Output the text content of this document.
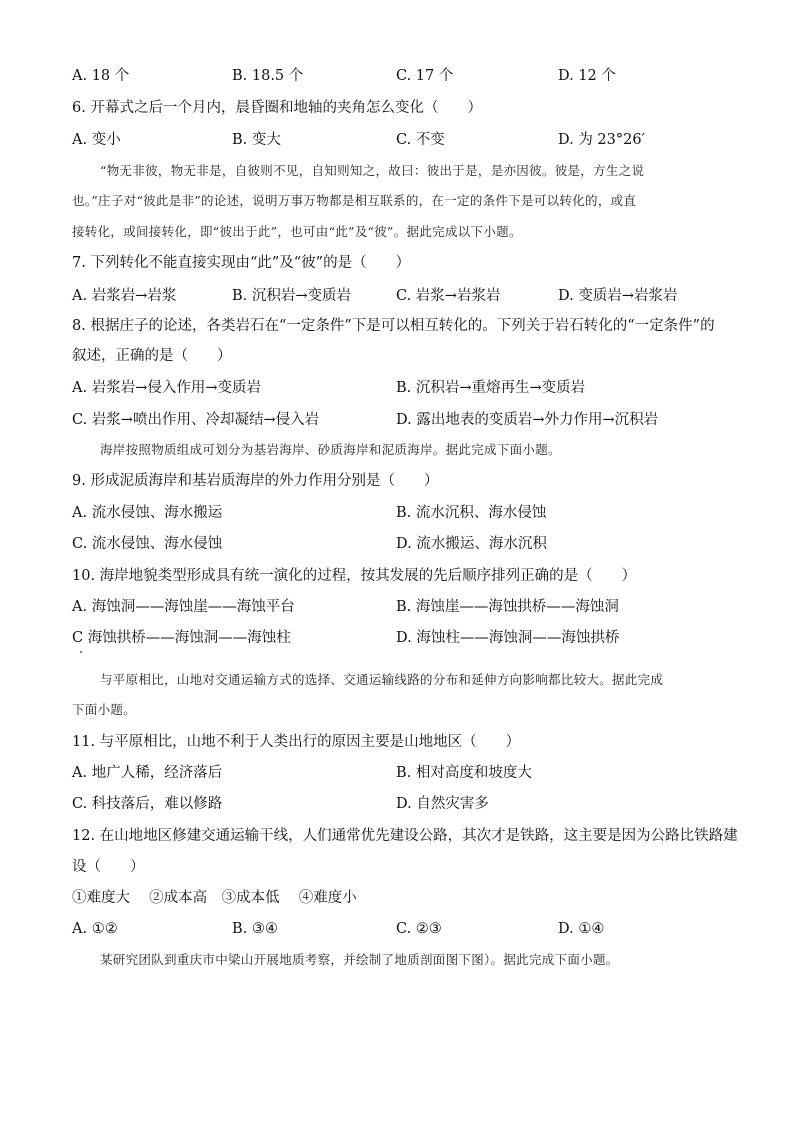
A. 18 个	B. 18.5 个	C. 17 个	D. 12 个
6. 开幕式之后一个月内，晨昏圈和地轴的夹角怎么变化（　　）
A. 变小	B. 变大	C. 不变	D. 为 23°26′
“物无非彼，物无非是，自彼则不见，自知则知之，故曰：彼出于是，是亦因彼。彼是，方生之说
也。”庄子对“彼此是非”的论述，说明万事万物都是相互联系的，在一定的条件下是可以转化的，或直
接转化，或间接转化，即“彼出于此”，也可由“此”及“彼”。据此完成以下小题。
7. 下列转化不能直接实现由“此”及“彼”的是（　　）
A. 岩浆岩→岩浆	B. 沉积岩→变质岩	C. 岩浆→岩浆岩	D. 变质岩→岩浆岩
8. 根据庄子的论述，各类岩石在“一定条件”下是可以相互转化的。下列关于岩石转化的“一定条件”的
叙述，正确的是（　　）
A. 岩浆岩→侵入作用→变质岩	B. 沉积岩→重熔再生→变质岩
C. 岩浆→喷出作用、冷却凝结→侵入岩	D. 露出地表的变质岩→外力作用→沉积岩
海岸按照物质组成可划分为基岩海岸、砂质海岸和泥质海岸。据此完成下面小题。
9. 形成泥质海岸和基岩质海岸的外力作用分别是（　　）
A. 流水侵蚀、海水搬运	B. 流水沉积、海水侵蚀
C. 流水侵蚀、海水侵蚀	D. 流水搬运、海水沉积
10. 海岸地貌类型形成具有统一演化的过程，按其发展的先后顺序排列正确的是（　　）
A. 海蚀洞——海蚀崖——海蚀平台	B. 海蚀崖——海蚀拱桥——海蚀洞
C 海蚀拱桥——海蚀洞——海蚀柱	D. 海蚀柱——海蚀洞——海蚀拱桥
与平原相比，山地对交通运输方式的选择、交通运输线路的分布和延伸方向影响都比较大。据此完成
下面小题。
11. 与平原相比，山地不利于人类出行的原因主要是山地地区（　　）
A. 地广人稀，经济落后	B. 相对高度和坡度大
C. 科技落后，难以修路	D. 自然灾害多
12. 在山地地区修建交通运输干线，人们通常优先建设公路，其次才是铁路，这主要是因为公路比铁路建
设（　　）
①难度大　 ②成本高　③成本低　 ④难度小
A. ①②	B. ③④	C. ②③	D. ①④
某研究团队到重庆市中梁山开展地质考察，并绘制了地质剖面图下图）。据此完成下面小题。
